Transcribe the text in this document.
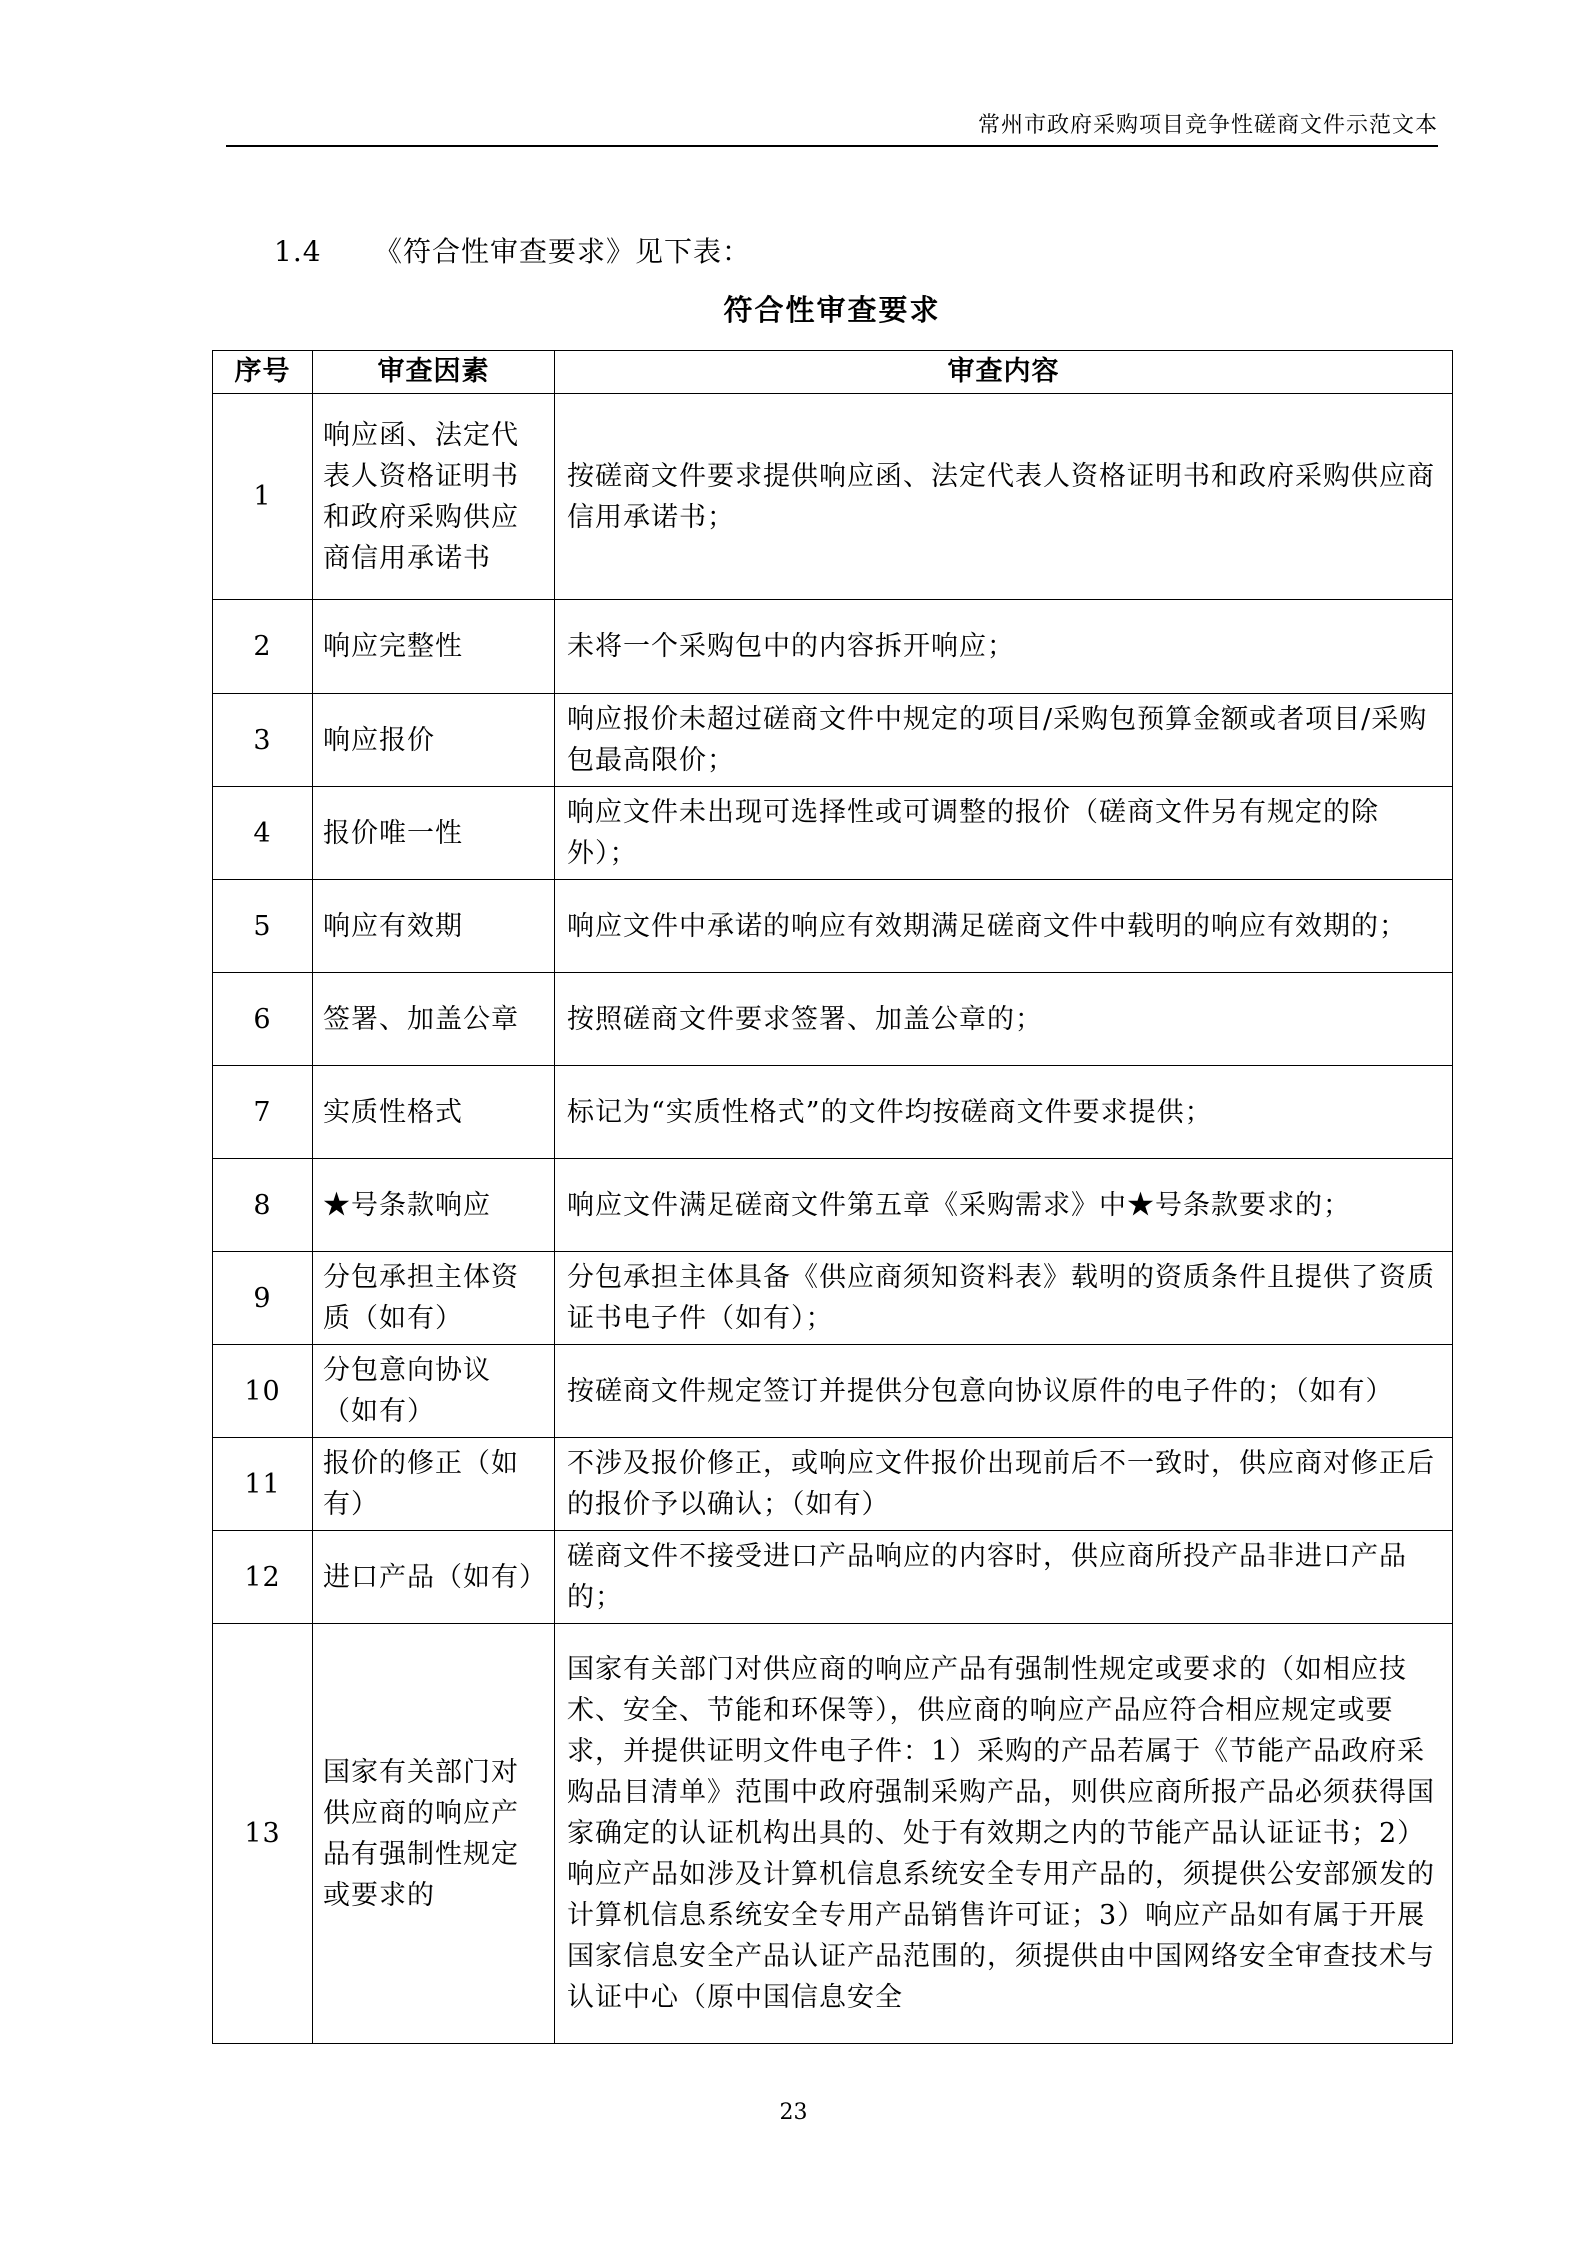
常州市政府采购项目竞争性磋商文件示范文本
1.4 《符合性审查要求》见下表：
符合性审查要求
序号	审查因素	审查内容
1	响应函、法定代表人资格证明书和政府采购供应商信用承诺书	按磋商文件要求提供响应函、法定代表人资格证明书和政府采购供应商信用承诺书；
2	响应完整性	未将一个采购包中的内容拆开响应；
3	响应报价	响应报价未超过磋商文件中规定的项目/采购包预算金额或者项目/采购包最高限价；
4	报价唯一性	响应文件未出现可选择性或可调整的报价（磋商文件另有规定的除外）；
5	响应有效期	响应文件中承诺的响应有效期满足磋商文件中载明的响应有效期的；
6	签署、加盖公章	按照磋商文件要求签署、加盖公章的；
7	实质性格式	标记为“实质性格式”的文件均按磋商文件要求提供；
8	★号条款响应	响应文件满足磋商文件第五章《采购需求》中★号条款要求的；
9	分包承担主体资质（如有）	分包承担主体具备《供应商须知资料表》载明的资质条件且提供了资质证书电子件（如有）；
10	分包意向协议（如有）	按磋商文件规定签订并提供分包意向协议原件的电子件的；（如有）
11	报价的修正（如有）	不涉及报价修正，或响应文件报价出现前后不一致时，供应商对修正后的报价予以确认；（如有）
12	进口产品（如有）	磋商文件不接受进口产品响应的内容时，供应商所投产品非进口产品的；
13	国家有关部门对供应商的响应产品有强制性规定或要求的	国家有关部门对供应商的响应产品有强制性规定或要求的（如相应技术、安全、节能和环保等），供应商的响应产品应符合相应规定或要求，并提供证明文件电子件：1）采购的产品若属于《节能产品政府采购品目清单》范围中政府强制采购产品，则供应商所报产品必须获得国家确定的认证机构出具的、处于有效期之内的节能产品认证证书；2）响应产品如涉及计算机信息系统安全专用产品的，须提供公安部颁发的计算机信息系统安全专用产品销售许可证；3）响应产品如有属于开展国家信息安全产品认证产品范围的，须提供由中国网络安全审查技术与认证中心（原中国信息安全
23
